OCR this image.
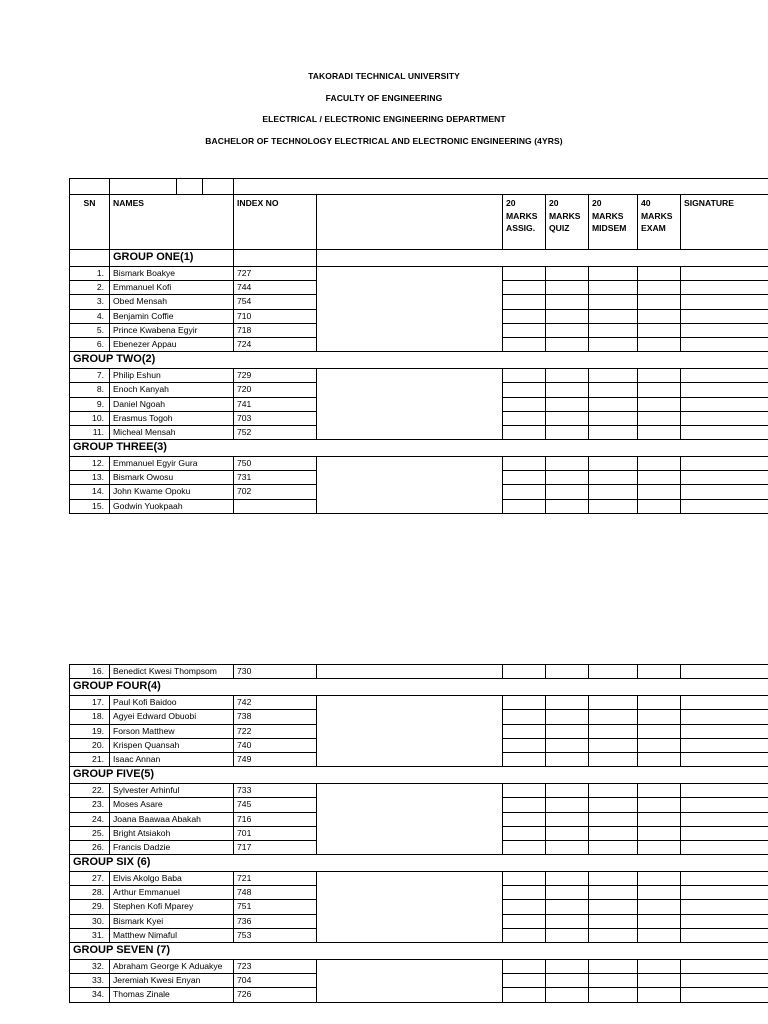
TAKORADI TECHNICAL UNIVERSITY
FACULTY OF ENGINEERING
ELECTRICAL / ELECTRONIC ENGINEERING DEPARTMENT
BACHELOR OF TECHNOLOGY ELECTRICAL AND ELECTRONIC ENGINEERING (4YRS)

SN	NAMES			INDEX NO		20 MARKS ASSIG.	20 MARKS QUIZ	20 MARKS MIDSEM	40 MARKS EXAM	SIGNATURE
	GROUP ONE(1)									
1.	Bismark Boakye			727						
2.	Emmanuel Kofi			744						
3.	Obed Mensah			754						
4.	Benjamin Coffie			710						
5.	Prince Kwabena Egyir			718						
6.	Ebenezer Appau			724						
GROUP TWO(2)										
7.	Philip Eshun			729						
8.	Enoch Kanyah			720						
9.	Daniel Ngoah			741						
10.	Erasmus Togoh			703						
11.	Micheal Mensah			752						
GROUP THREE(3)										
12.	Emmanuel Egyir Gura			750						
13.	Bismark Owosu			731						
14.	John Kwame Opoku			702						
15.	Godwin Yuokpaah									
16.	Benedict Kwesi Thompsom	730						
GROUP FOUR(4)								
17.	Paul Kofi Baidoo	742						
18.	Agyei Edward Obuobi	738						
19.	Forson Matthew	722						
20.	Krispen Quansah	740						
21.	Isaac Annan	749						
GROUP FIVE(5)								
22.	Sylvester Arhinful	733						
23.	Moses Asare	745						
24.	Joana Baawaa Abakah	716						
25.	Bright Atsiakoh	701						
26.	Francis Dadzie	717						
GROUP SIX (6)								
27.	Elvis Akolgo Baba	721						
28.	Arthur Emmanuel	748						
29.	Stephen Kofi Mparey	751						
30.	Bismark Kyei	736						
31.	Matthew Nimaful	753						
GROUP SEVEN (7)								
32.	Abraham George K Aduakye	723						
33.	Jeremiah Kwesi Enyan	704						
34.	Thomas Zinale	726						
